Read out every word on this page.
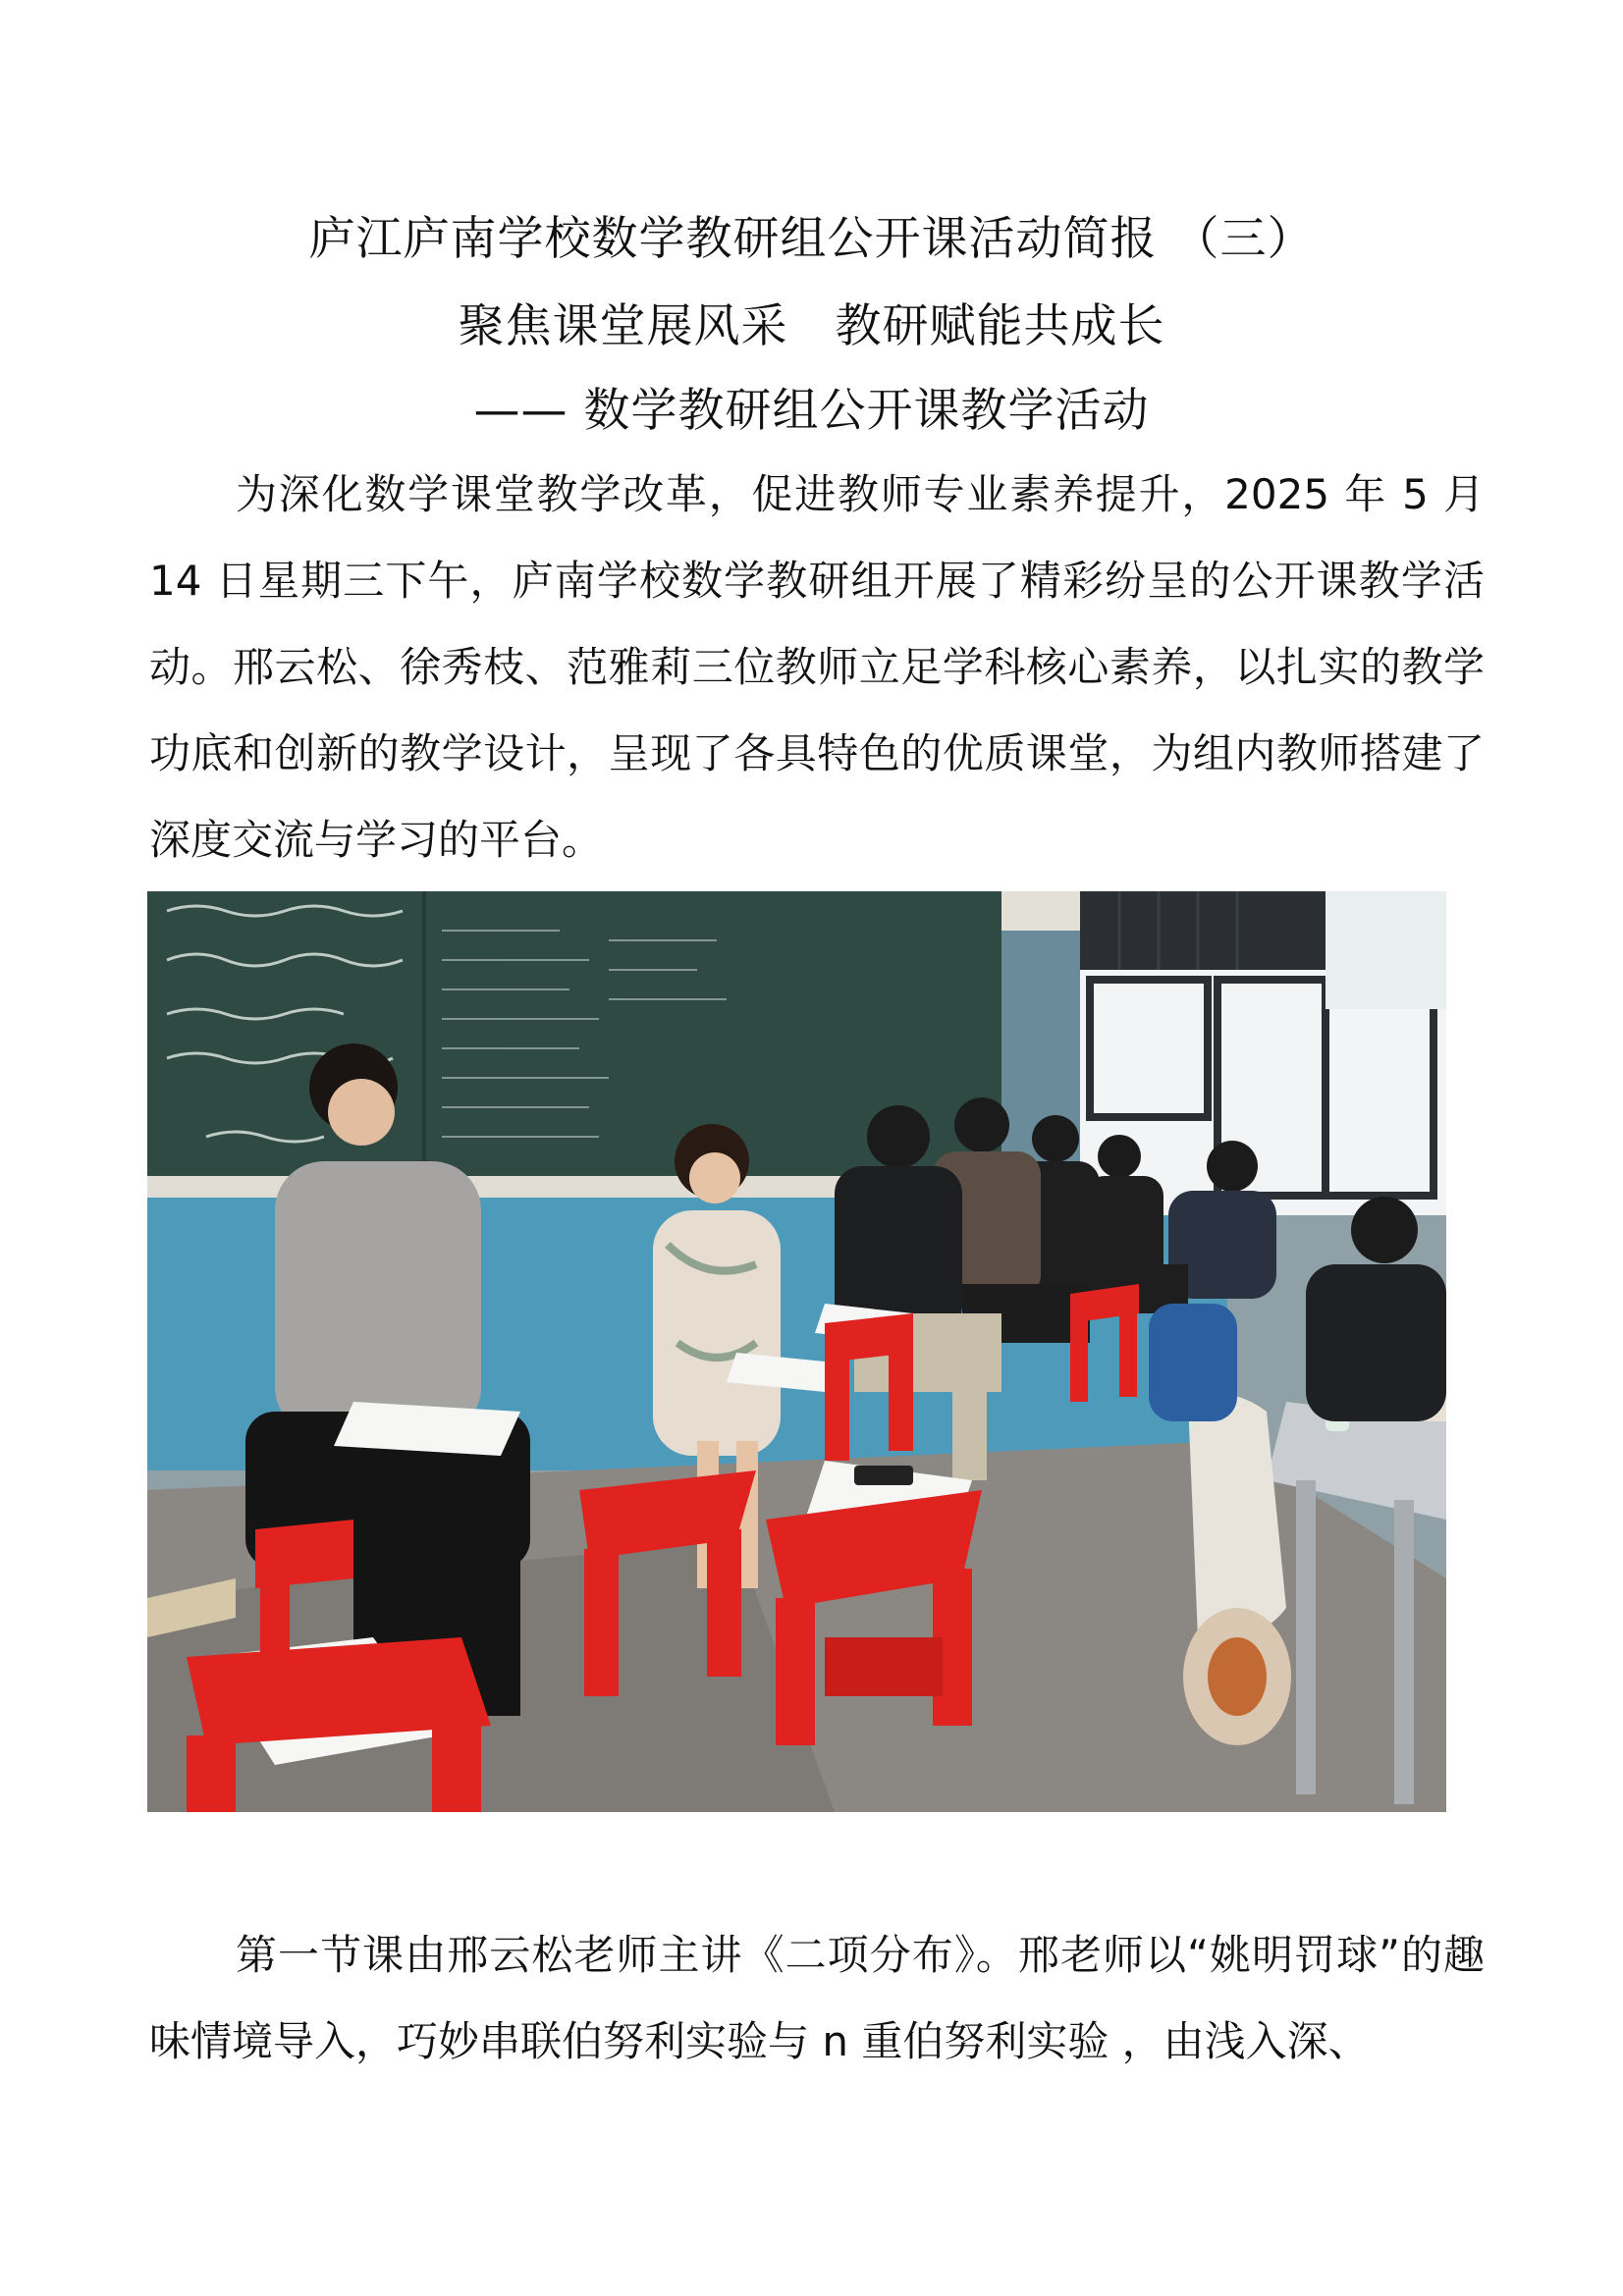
庐江庐南学校数学教研组公开课活动简报 （三）
聚焦课堂展风采　教研赋能共成长
—— 数学教研组公开课教学活动

为深化数学课堂教学改革，促进教师专业素养提升，2025 年 5 月 14 日星期三下午，庐南学校数学教研组开展了精彩纷呈的公开课教学活动。邢云松、徐秀枝、范雅莉三位教师立足学科核心素养，以扎实的教学功底和创新的教学设计，呈现了各具特色的优质课堂，为组内教师搭建了深度交流与学习的平台。

第一节课由邢云松老师主讲《二项分布》。邢老师以“姚明罚球”的趣味情境导入，巧妙串联伯努利实验与 n 重伯努利实验 ，由浅入深、
